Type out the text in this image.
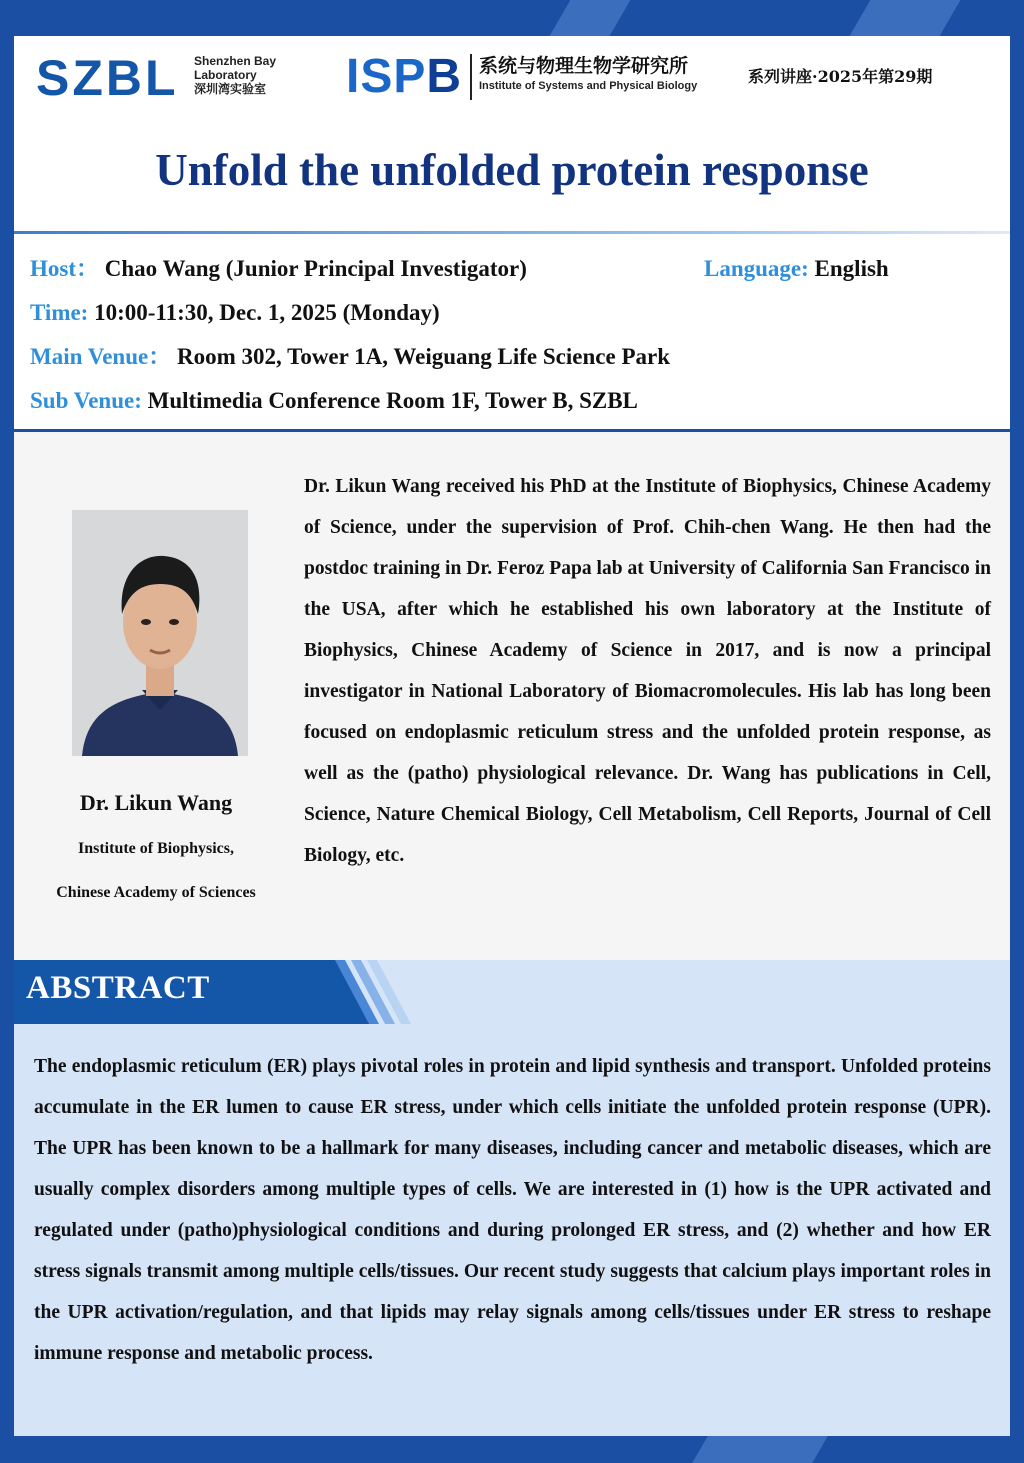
SZBL Shenzhen Bay
Laboratory
深圳湾实验室 ISPB 系统与物理生物学研究所
Institute of Systems and Physical Biology	系列讲座·2025年第29期
Unfold the unfolded protein response
Host： Chao Wang (Junior Principal Investigator)	Language: English
Time: 10:00-11:30, Dec. 1, 2025 (Monday)
Main Venue： Room 302, Tower 1A, Weiguang Life Science Park
Sub Venue: Multimedia Conference Room 1F, Tower B, SZBL
Dr. Likun Wang
Institute of Biophysics,
Chinese Academy of Sciences
Dr. Likun Wang received his PhD at the Institute of Biophysics, Chinese Academy of Science, under the supervision of Prof. Chih-chen Wang. He then had the postdoc training in Dr. Feroz Papa lab at University of California San Francisco in the USA, after which he established his own laboratory at the Institute of Biophysics, Chinese Academy of Science in 2017, and is now a principal investigator in National Laboratory of Biomacromolecules. His lab has long been focused on endoplasmic reticulum stress and the unfolded protein response, as well as the (patho) physiological relevance. Dr. Wang has publications in Cell, Science, Nature Chemical Biology, Cell Metabolism, Cell Reports, Journal of Cell Biology, etc.
ABSTRACT
The endoplasmic reticulum (ER) plays pivotal roles in protein and lipid synthesis and transport. Unfolded proteins accumulate in the ER lumen to cause ER stress, under which cells initiate the unfolded protein response (UPR). The UPR has been known to be a hallmark for many diseases, including cancer and metabolic diseases, which are usually complex disorders among multiple types of cells. We are interested in (1) how is the UPR activated and regulated under (patho)physiological conditions and during prolonged ER stress, and (2) whether and how ER stress signals transmit among multiple cells/tissues. Our recent study suggests that calcium plays important roles in the UPR activation/regulation, and that lipids may relay signals among cells/tissues under ER stress to reshape immune response and metabolic process.
